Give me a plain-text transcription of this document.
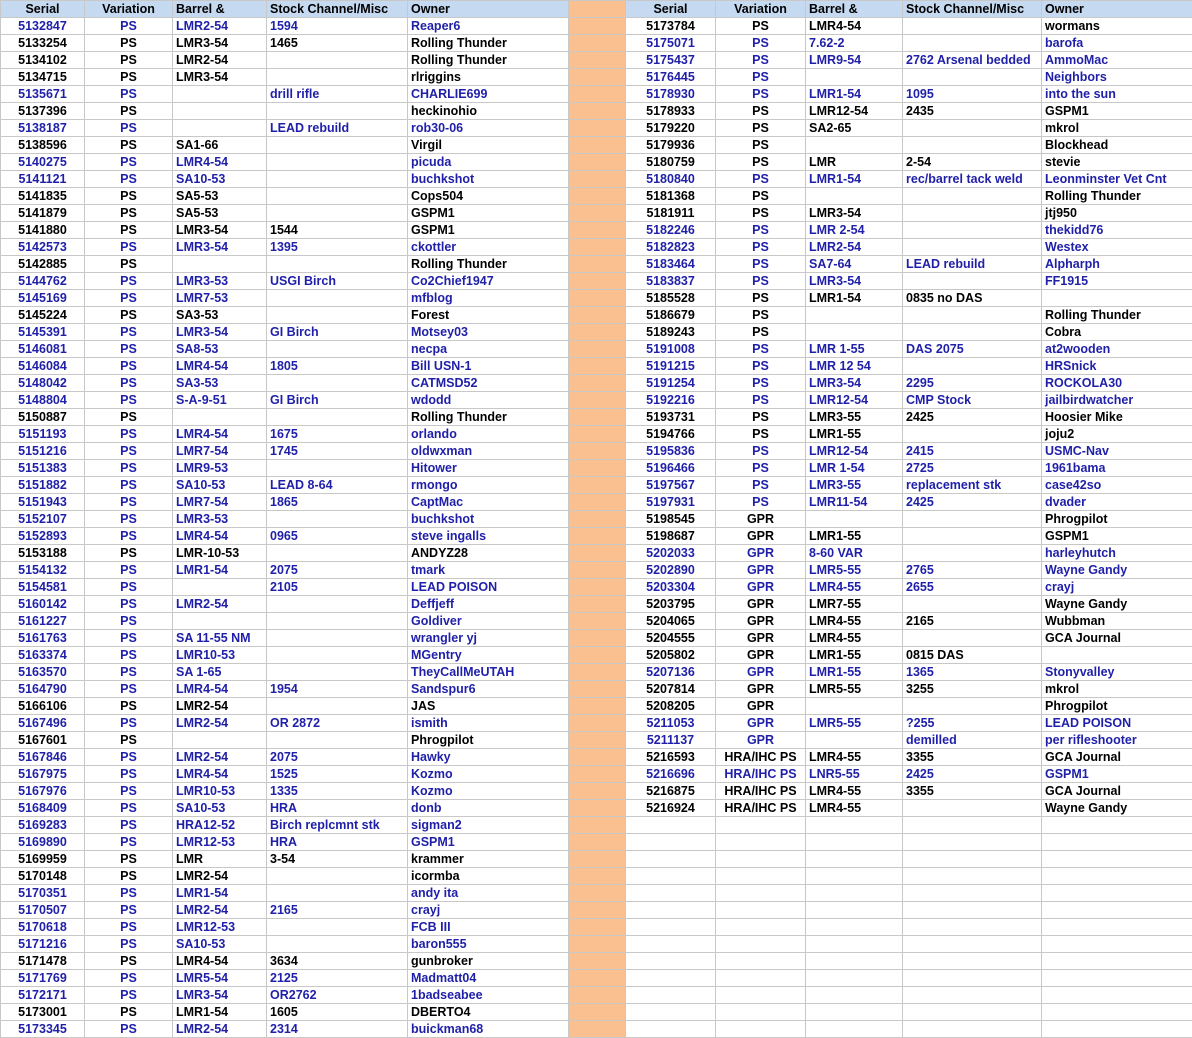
Serial	Variation	Barrel &	Stock Channel/Misc	Owner		Serial	Variation	Barrel &	Stock Channel/Misc	Owner
5132847	PS	LMR2-54	1594	Reaper6		5173784	PS	LMR4-54		wormans
5133254	PS	LMR3-54	1465	Rolling Thunder		5175071	PS	7.62-2		barofa
5134102	PS	LMR2-54		Rolling Thunder		5175437	PS	LMR9-54	2762 Arsenal bedded	AmmoMac
5134715	PS	LMR3-54		rlriggins		5176445	PS			Neighbors
5135671	PS		drill rifle	CHARLIE699		5178930	PS	LMR1-54	1095	into the sun
5137396	PS			heckinohio		5178933	PS	LMR12-54	2435	GSPM1
5138187	PS		LEAD rebuild	rob30-06		5179220	PS	SA2-65		mkrol
5138596	PS	SA1-66		Virgil		5179936	PS			Blockhead
5140275	PS	LMR4-54		picuda		5180759	PS	LMR	2-54	stevie
5141121	PS	SA10-53		buchkshot		5180840	PS	LMR1-54	rec/barrel tack weld	Leonminster Vet Cnt
5141835	PS	SA5-53		Cops504		5181368	PS			Rolling Thunder
5141879	PS	SA5-53		GSPM1		5181911	PS	LMR3-54		jtj950
5141880	PS	LMR3-54	1544	GSPM1		5182246	PS	LMR 2-54		thekidd76
5142573	PS	LMR3-54	1395	ckottler		5182823	PS	LMR2-54		Westex
5142885	PS			Rolling Thunder		5183464	PS	SA7-64	LEAD rebuild	Alpharph
5144762	PS	LMR3-53	USGI Birch	Co2Chief1947		5183837	PS	LMR3-54		FF1915
5145169	PS	LMR7-53		mfblog		5185528	PS	LMR1-54	0835 no DAS	
5145224	PS	SA3-53		Forest		5186679	PS			Rolling Thunder
5145391	PS	LMR3-54	GI Birch	Motsey03		5189243	PS			Cobra
5146081	PS	SA8-53		necpa		5191008	PS	LMR 1-55	DAS 2075	at2wooden
5146084	PS	LMR4-54	1805	Bill USN-1		5191215	PS	LMR 12 54		HRSnick
5148042	PS	SA3-53		CATMSD52		5191254	PS	LMR3-54	2295	ROCKOLA30
5148804	PS	S-A-9-51	GI Birch	wdodd		5192216	PS	LMR12-54	CMP Stock	jailbirdwatcher
5150887	PS			Rolling Thunder		5193731	PS	LMR3-55	2425	Hoosier Mike
5151193	PS	LMR4-54	1675	orlando		5194766	PS	LMR1-55		joju2
5151216	PS	LMR7-54	1745	oldwxman		5195836	PS	LMR12-54	2415	USMC-Nav
5151383	PS	LMR9-53		Hitower		5196466	PS	LMR 1-54	2725	1961bama
5151882	PS	SA10-53	LEAD 8-64	rmongo		5197567	PS	LMR3-55	replacement stk	case42so
5151943	PS	LMR7-54	1865	CaptMac		5197931	PS	LMR11-54	2425	dvader
5152107	PS	LMR3-53		buchkshot		5198545	GPR			Phrogpilot
5152893	PS	LMR4-54	0965	steve ingalls		5198687	GPR	LMR1-55		GSPM1
5153188	PS	LMR-10-53		ANDYZ28		5202033	GPR	8-60 VAR		harleyhutch
5154132	PS	LMR1-54	2075	tmark		5202890	GPR	LMR5-55	2765	Wayne Gandy
5154581	PS		2105	LEAD POISON		5203304	GPR	LMR4-55	2655	crayj
5160142	PS	LMR2-54		Deffjeff		5203795	GPR	LMR7-55		Wayne Gandy
5161227	PS			Goldiver		5204065	GPR	LMR4-55	2165	Wubbman
5161763	PS	SA 11-55 NM		wrangler yj		5204555	GPR	LMR4-55		GCA Journal
5163374	PS	LMR10-53		MGentry		5205802	GPR	LMR1-55	0815 DAS	
5163570	PS	SA 1-65		TheyCallMeUTAH		5207136	GPR	LMR1-55	1365	Stonyvalley
5164790	PS	LMR4-54	1954	Sandspur6		5207814	GPR	LMR5-55	3255	mkrol
5166106	PS	LMR2-54		JAS		5208205	GPR			Phrogpilot
5167496	PS	LMR2-54	OR 2872	ismith		5211053	GPR	LMR5-55	?255	LEAD POISON
5167601	PS			Phrogpilot		5211137	GPR		demilled	per rifleshooter
5167846	PS	LMR2-54	2075	Hawky		5216593	HRA/IHC PS	LMR4-55	3355	GCA Journal
5167975	PS	LMR4-54	1525	Kozmo		5216696	HRA/IHC PS	LNR5-55	2425	GSPM1
5167976	PS	LMR10-53	1335	Kozmo		5216875	HRA/IHC PS	LMR4-55	3355	GCA Journal
5168409	PS	SA10-53	HRA	donb		5216924	HRA/IHC PS	LMR4-55		Wayne Gandy
5169283	PS	HRA12-52	Birch replcmnt stk	sigman2						
5169890	PS	LMR12-53	HRA	GSPM1						
5169959	PS	LMR	3-54	krammer						
5170148	PS	LMR2-54		icormba						
5170351	PS	LMR1-54		andy ita						
5170507	PS	LMR2-54	2165	crayj						
5170618	PS	LMR12-53		FCB III						
5171216	PS	SA10-53		baron555						
5171478	PS	LMR4-54	3634	gunbroker						
5171769	PS	LMR5-54	2125	Madmatt04						
5172171	PS	LMR3-54	OR2762	1badseabee						
5173001	PS	LMR1-54	1605	DBERTO4						
5173345	PS	LMR2-54	2314	buickman68						
